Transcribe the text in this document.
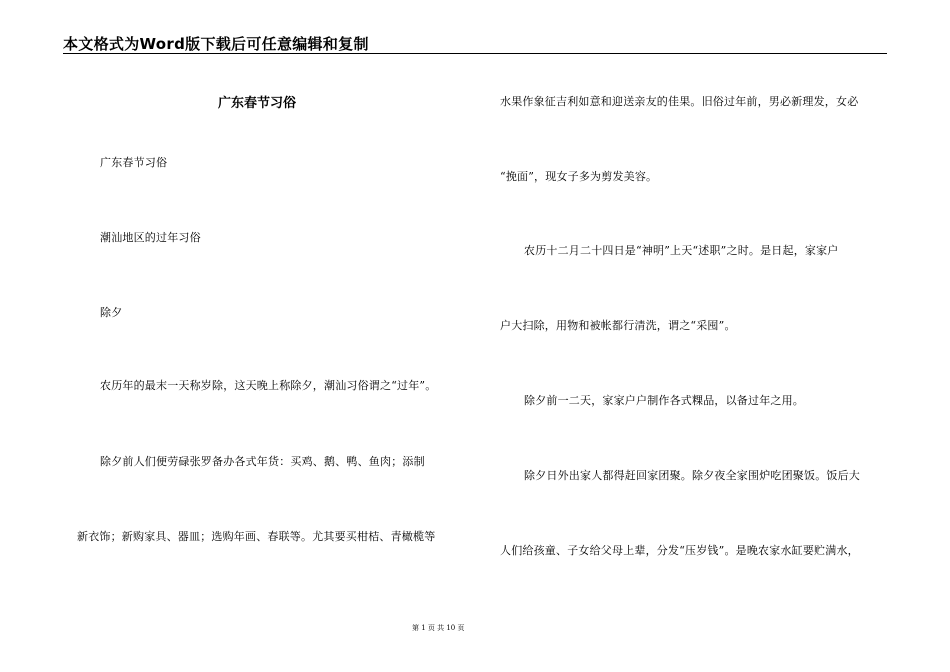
本文格式为Word版下载后可任意编辑和复制
广东春节习俗
广东春节习俗
潮汕地区的过年习俗
除夕
农历年的最末一天称岁除，这天晚上称除夕，潮汕习俗谓之“过年”。
除夕前人们便劳碌张罗备办各式年货：买鸡、鹅、鸭、鱼肉；添制
新衣饰；新购家具、器皿；选购年画、春联等。尤其要买柑桔、青橄榄等
水果作象征吉利如意和迎送亲友的佳果。旧俗过年前，男必新理发，女必
“挽面”，现女子多为剪发美容。
农历十二月二十四日是“神明”上天“述职”之时。是日起，家家户
户大扫除，用物和被帐都行清洗，谓之“采囤”。
除夕前一二天，家家户户制作各式粿品，以备过年之用。
除夕日外出家人都得赶回家团聚。除夕夜全家围炉吃团聚饭。饭后大
人们给孩童、子女给父母上辈，分发“压岁钱”。是晚农家水缸要贮满水，
第 1 页 共 10 页
